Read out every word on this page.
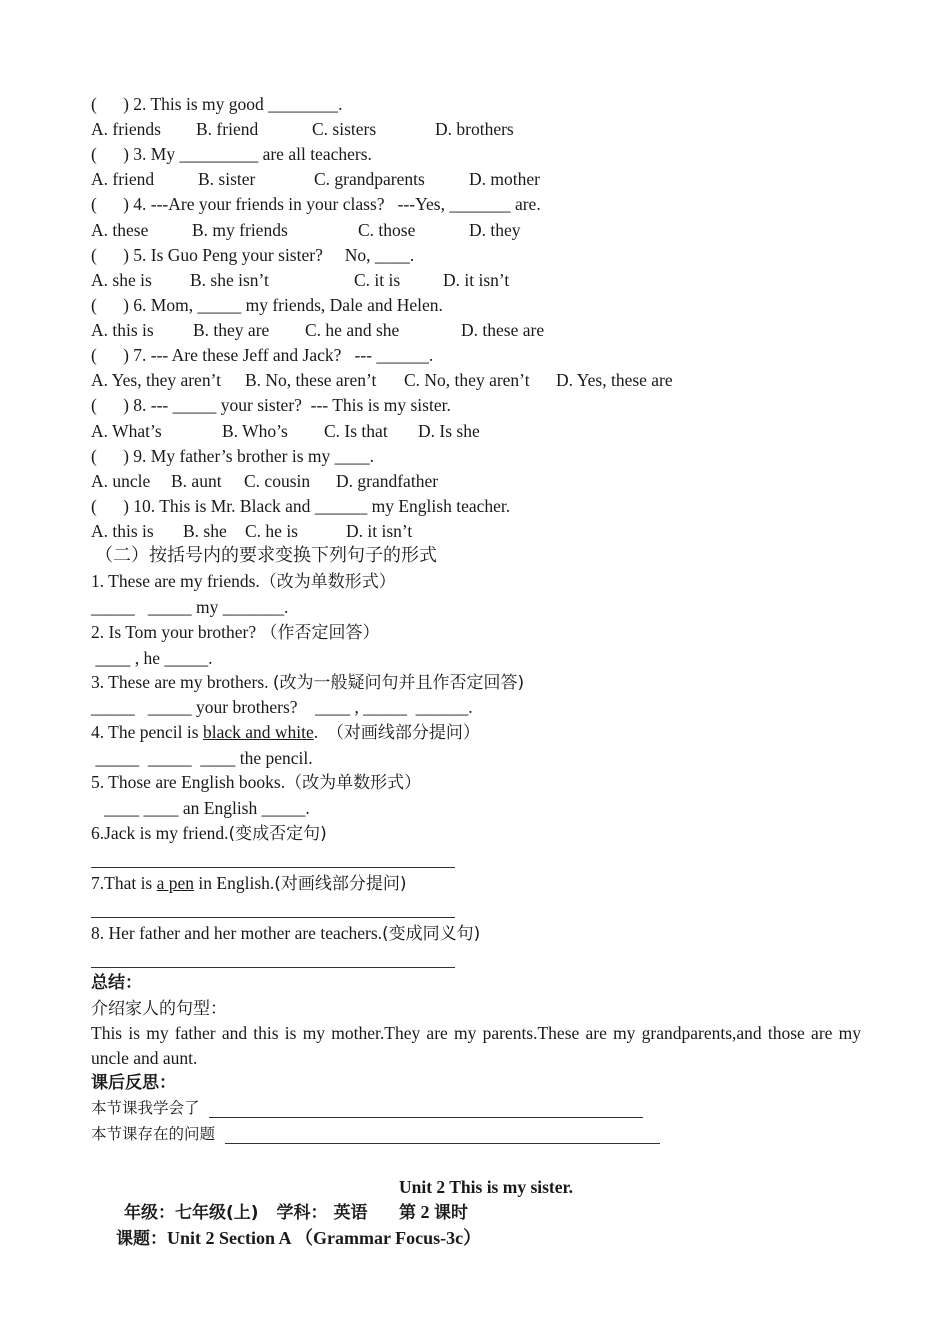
(      ) 2. This is my good ________.
A. friends B. friend	C. sisters	D. brothers
(      ) 3. My _________ are all teachers.
A. friend	B. sister	C. grandparents	D. mother
(      ) 4. ---Are your friends in your class?   ---Yes, _______ are.
A. these B. my friends	C. those	D. they
(      ) 5. Is Guo Peng your sister?     No, ____.
A. she is B. she isn’t	C. it is D. it isn’t
(      ) 6. Mom, _____ my friends, Dale and Helen.
A. this is B. they are C. he and she	D. these are
(      ) 7. --- Are these Jeff and Jack?   --- ______.
A. Yes, they aren’t B. No, these aren’t C. No, they aren’t D. Yes, these are
(      ) 8. --- _____ your sister?  --- This is my sister.
A. What’s	B. Who’s C. Is that D. Is she
(      ) 9. My father’s brother is my ____.
A. uncle B. aunt C. cousin D. grandfather
(      ) 10. This is Mr. Black and ______ my English teacher.
A. this is B. she C. he is	D. it isn’t
（二）按括号内的要求变换下列句子的形式
1. These are my friends.（改为单数形式）
_____   _____ my _______.
2. Is Tom your brother? （作否定回答）
____ , he _____.
3. These are my brothers. (改为一般疑问句并且作否定回答)
_____   _____ your brothers?    ____ , _____  ______.
4. The pencil is black and white.  （对画线部分提问）
_____  _____  ____ the pencil.
5. Those are English books.（改为单数形式）
____ ____ an English _____.
6.Jack is my friend.(变成否定句)
7.That is a pen in English.(对画线部分提问)
8. Her father and her mother are teachers.(变成同义句)
总结：
介绍家人的句型：
This is my father and this is my mother.They are my parents.These are my grandparents,and those are my uncle and aunt.
课后反思：
本节课我学会了
本节课存在的问题
Unit 2 This is my sister.
年级：七年级(上) 学科： 英语 第 2 课时
课题：Unit 2 Section A （Grammar Focus-3c）
